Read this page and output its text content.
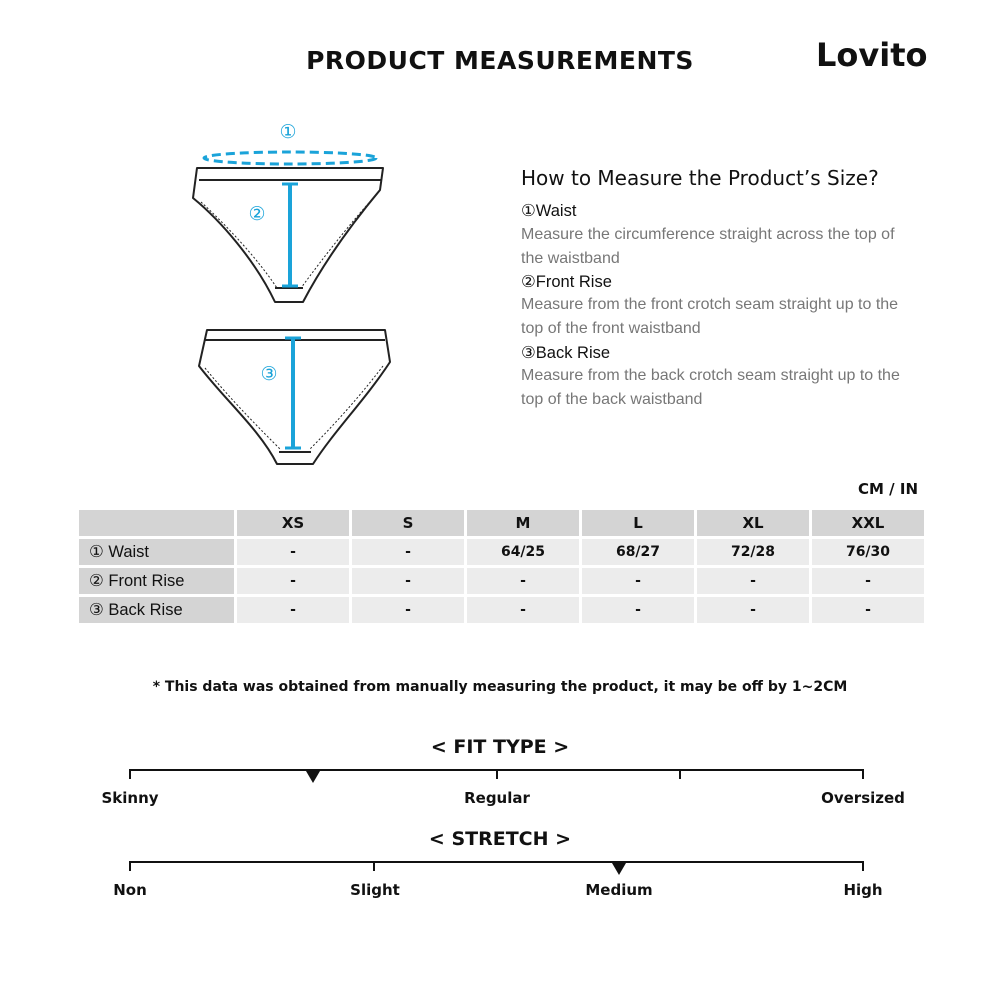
PRODUCT MEASUREMENTS	Lovito
①
②
③
How to Measure the Product’s Size?
①Waist
Measure the circumference straight across the top of the waistband
②Front Rise
Measure from the front crotch seam straight up to the top of the front waistband
③Back Rise
Measure from the back crotch seam straight up to the top of the back waistband
CM / IN
	XS	S	M	L	XL	XXL
① Waist	-	-	64/25	68/27	72/28	76/30
② Front Rise	-	-	-	-	-	-
③ Back Rise	-	-	-	-	-	-
* This data was obtained from manually measuring the product, it may be off by 1~2CM
< FIT TYPE >
Skinny	Regular	Oversized
< STRETCH >
Non	Slight	Medium	High
